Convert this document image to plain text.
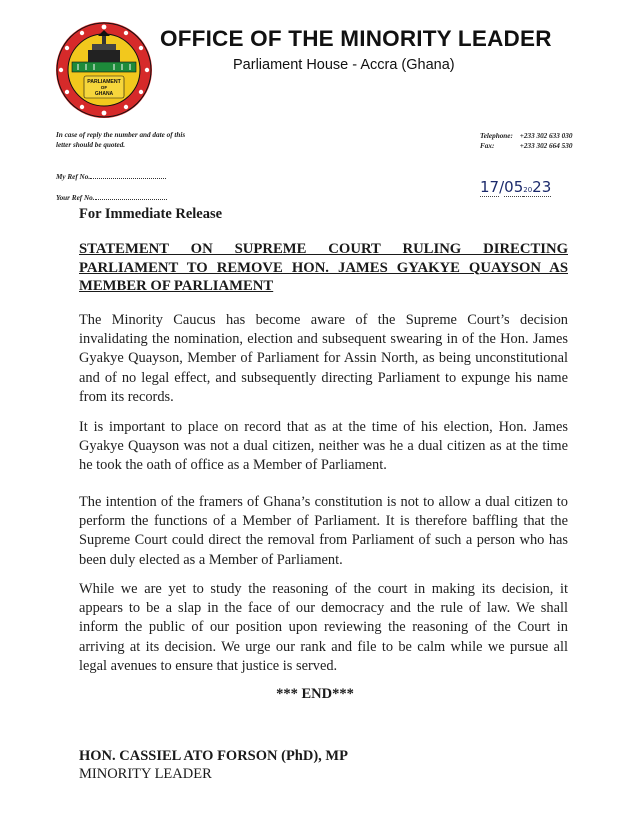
PARLIAMENT
OF
GHANA
OFFICE OF THE MINORITY LEADER
Parliament House - Accra (Ghana)
In case of reply the number and date of this letter should be quoted.
Telephone: +233 302 633 030
Fax:	+233 302 664 530
My Ref No.
Your Ref No.
17/052023
For Immediate Release
STATEMENT ON SUPREME COURT RULING DIRECTING PARLIAMENT TO REMOVE HON. JAMES GYAKYE QUAYSON AS MEMBER OF PARLIAMENT
The Minority Caucus has become aware of the Supreme Court’s decision invalidating the nomination, election and subsequent swearing in of the Hon. James Gyakye Quayson, Member of Parliament for Assin North, as being unconstitutional and of no legal effect, and subsequently directing Parliament to expunge his name from its records.
It is important to place on record that as at the time of his election, Hon. James Gyakye Quayson was not a dual citizen, neither was he a dual citizen as at the time he took the oath of office as a Member of Parliament.
The intention of the framers of Ghana’s constitution is not to allow a dual citizen to perform the functions of a Member of Parliament. It is therefore baffling that the Supreme Court could direct the removal from Parliament of such a person who has been duly elected as a Member of Parliament.
While we are yet to study the reasoning of the court in making its decision, it appears to be a slap in the face of our democracy and the rule of law. We shall inform the public of our position upon reviewing the reasoning of the Court in arriving at its decision. We urge our rank and file to be calm while we pursue all legal avenues to ensure that justice is served.
*** END***
HON. CASSIEL ATO FORSON (PhD), MP
MINORITY LEADER
